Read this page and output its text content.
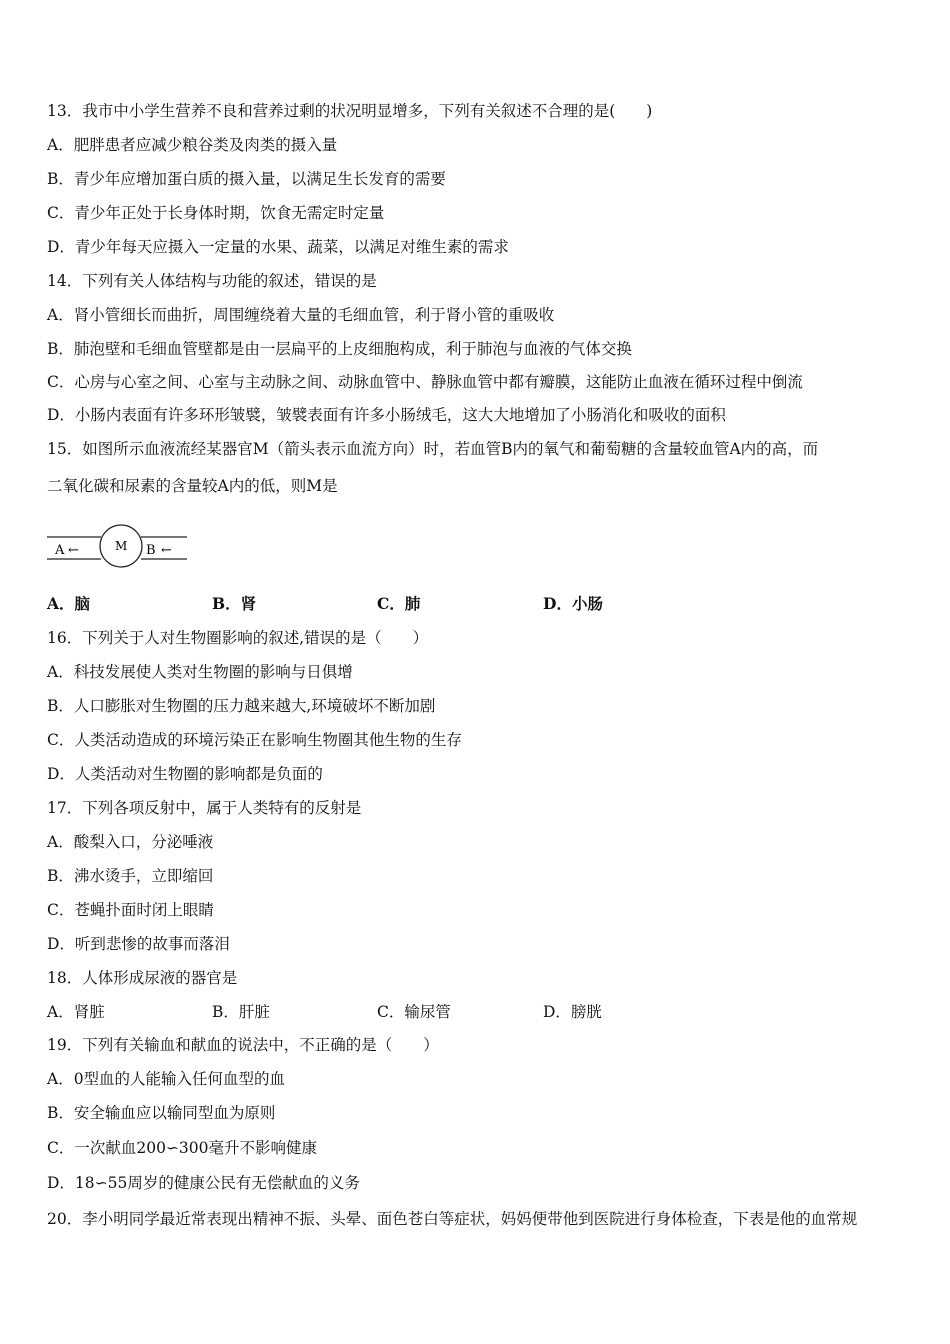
13．我市中小学生营养不良和营养过剩的状况明显增多，下列有关叙述不合理的是(　　)
A．肥胖患者应减少粮谷类及肉类的摄入量
B．青少年应增加蛋白质的摄入量，以满足生长发育的需要
C．青少年正处于长身体时期，饮食无需定时定量
D．青少年每天应摄入一定量的水果、蔬菜，以满足对维生素的需求
14．下列有关人体结构与功能的叙述，错误的是
A．肾小管细长而曲折，周围缠绕着大量的毛细血管，利于肾小管的重吸收
B．肺泡壁和毛细血管壁都是由一层扁平的上皮细胞构成，利于肺泡与血液的气体交换
C．心房与心室之间、心室与主动脉之间、动脉血管中、静脉血管中都有瓣膜，这能防止血液在循环过程中倒流
D．小肠内表面有许多环形皱襞，皱襞表面有许多小肠绒毛，这大大地增加了小肠消化和吸收的面积
15．如图所示血液流经某器官M（箭头表示血流方向）时，若血管B内的氧气和葡萄糖的含量较血管A内的高，而
二氧化碳和尿素的含量较A内的低，则M是
A ←	M B ←
A．脑	B．肾	C．肺	D．小肠
16．下列关于人对生物圈影响的叙述,错误的是（　　）
A．科技发展使人类对生物圈的影响与日俱增
B．人口膨胀对生物圈的压力越来越大,环境破坏不断加剧
C．人类活动造成的环境污染正在影响生物圈其他生物的生存
D．人类活动对生物圈的影响都是负面的
17．下列各项反射中，属于人类特有的反射是
A．酸梨入口，分泌唾液
B．沸水烫手，立即缩回
C．苍蝇扑面时闭上眼睛
D．听到悲惨的故事而落泪
18．人体形成尿液的器官是
A．肾脏	B．肝脏	C．输尿管	D．膀胱
19．下列有关输血和献血的说法中，不正确的是（　　）
A．0型血的人能输入任何血型的血
B．安全输血应以输同型血为原则
C．一次献血200∽300毫升不影响健康
D．18∽55周岁的健康公民有无偿献血的义务
20．李小明同学最近常表现出精神不振、头晕、面色苍白等症状，妈妈便带他到医院进行身体检查，下表是他的血常规
